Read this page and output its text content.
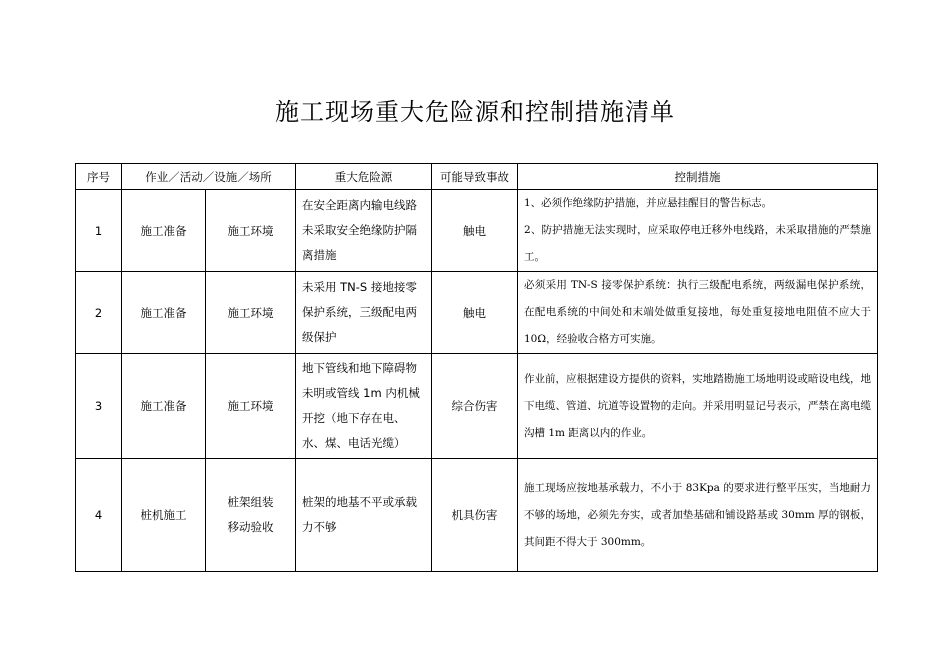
施工现场重大危险源和控制措施清单
序号	作业／活动／设施／场所		重大危险源	可能导致事故	控制措施
1	施工准备	施工环境	在安全距离内输电线路未采取安全绝缘防护隔离措施	触电	1、必须作绝缘防护措施，并应悬挂醒目的警告标志。
2、防护措施无法实现时，应采取停电迁移外电线路，未采取措施的严禁施工。

2	施工准备	施工环境	未采用 TN-S 接地接零保护系统，三级配电两级保护	触电	必须采用 TN-S 接零保护系统：执行三级配电系统，两级漏电保护系统，在配电系统的中间处和末端处做重复接地，每处重复接地电阻值不应大于 10Ω，经验收合格方可实施。
3	施工准备	施工环境	地下管线和地下障碍物未明或管线 1m 内机械开挖（地下存在电、水、煤、电话光缆）	综合伤害	作业前，应根据建设方提供的资料，实地踏勘施工场地明设或暗设电线，地下电缆、管道、坑道等设置物的走向。并采用明显记号表示，严禁在离电缆沟槽 1m 距离以内的作业。
4	桩机施工	桩架组装
移动验收	桩架的地基不平或承载力不够	机具伤害	施工现场应按地基承载力，不小于 83Kpa 的要求进行整平压实，当地耐力不够的场地，必须先夯实，或者加垫基础和铺设路基或 30mm 厚的钢板，其间距不得大于 300mm。
